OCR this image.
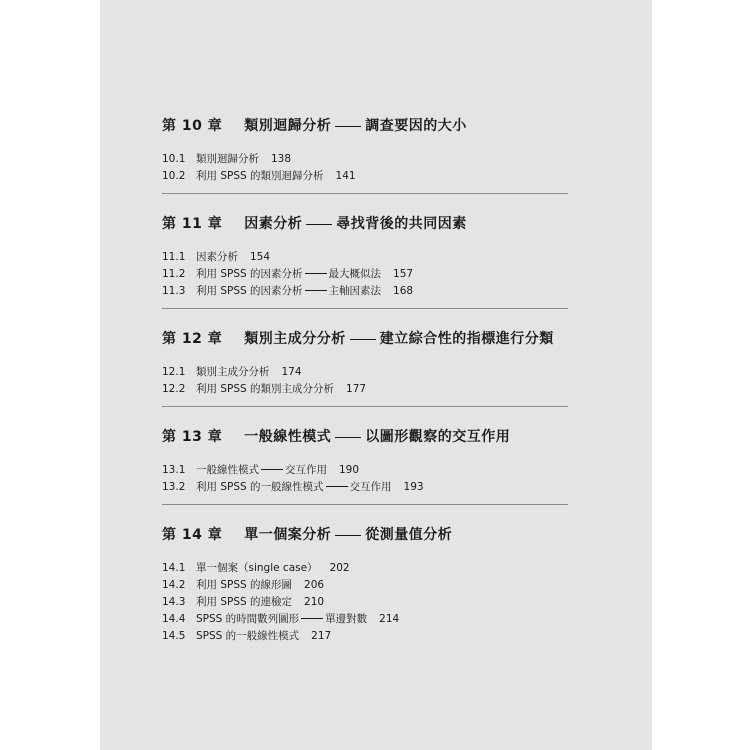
第 10 章 類別迴歸分析 調查要因的大小
10.1	類別迴歸分析 138
10.2	利用 SPSS 的類別迴歸分析 141
第 11 章 因素分析 尋找背後的共同因素
11.1	因素分析 154
11.2	利用 SPSS 的因素分析 最大概似法 157
11.3	利用 SPSS 的因素分析 主軸因素法 168
第 12 章 類別主成分分析 建立綜合性的指標進行分類
12.1	類別主成分分析 174
12.2	利用 SPSS 的類別主成分分析 177
第 13 章 一般線性模式 以圖形觀察的交互作用
13.1	一般線性模式 交互作用 190
13.2	利用 SPSS 的一般線性模式 交互作用 193
第 14 章 單一個案分析 從測量值分析
14.1	單一個案（single case） 202
14.2	利用 SPSS 的線形圖 206
14.3	利用 SPSS 的連檢定 210
14.4	SPSS 的時間數列圖形 單邊對數 214
14.5	SPSS 的一般線性模式 217
